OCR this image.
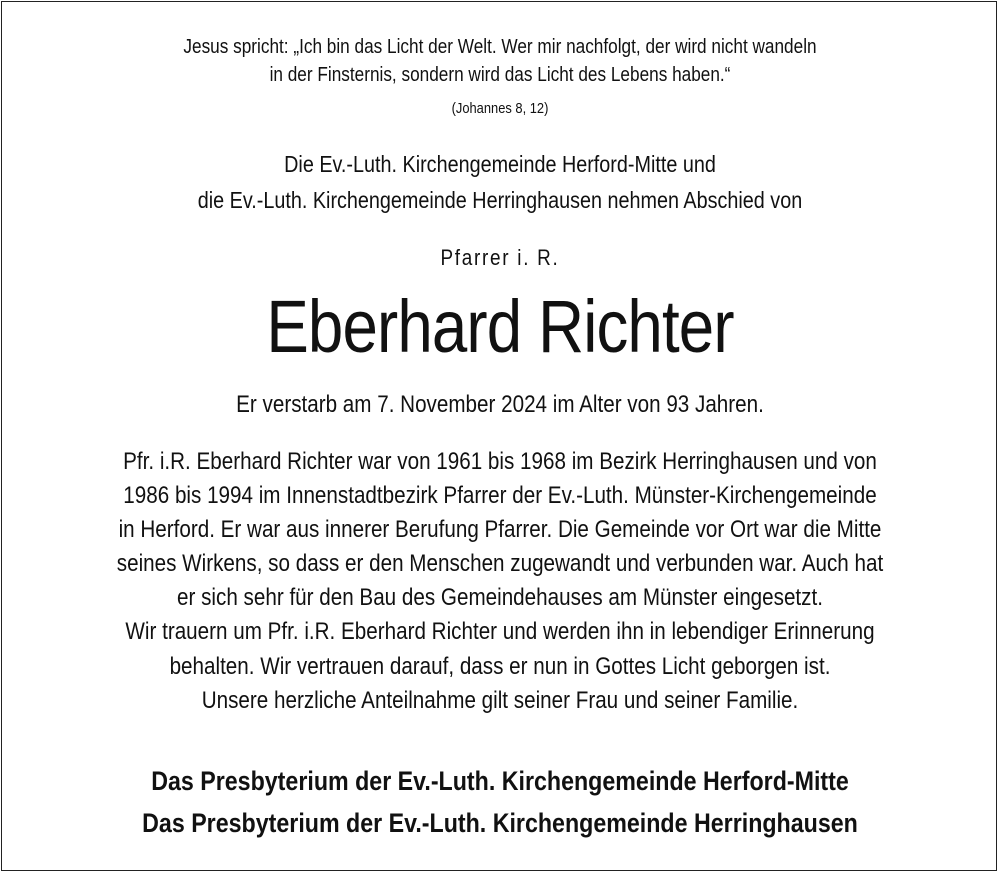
Jesus spricht: „Ich bin das Licht der Welt. Wer mir nachfolgt, der wird nicht wandeln
in der Finsternis, sondern wird das Licht des Lebens haben.“
(Johannes 8, 12)
Die Ev.-Luth. Kirchengemeinde Herford-Mitte und
die Ev.-Luth. Kirchengemeinde Herringhausen nehmen Abschied von
Pfarrer i. R.
Eberhard Richter
Er verstarb am 7. November 2024 im Alter von 93 Jahren.
Pfr. i.R. Eberhard Richter war von 1961 bis 1968 im Bezirk Herringhausen und von
1986 bis 1994 im Innenstadtbezirk Pfarrer der Ev.-Luth. Münster-Kirchengemeinde
in Herford. Er war aus innerer Berufung Pfarrer. Die Gemeinde vor Ort war die Mitte
seines Wirkens, so dass er den Menschen zugewandt und verbunden war. Auch hat
er sich sehr für den Bau des Gemeindehauses am Münster eingesetzt.
Wir trauern um Pfr. i.R. Eberhard Richter und werden ihn in lebendiger Erinnerung
behalten. Wir vertrauen darauf, dass er nun in Gottes Licht geborgen ist.
Unsere herzliche Anteilnahme gilt seiner Frau und seiner Familie.
Das Presbyterium der Ev.-Luth. Kirchengemeinde Herford-Mitte
Das Presbyterium der Ev.-Luth. Kirchengemeinde Herringhausen
